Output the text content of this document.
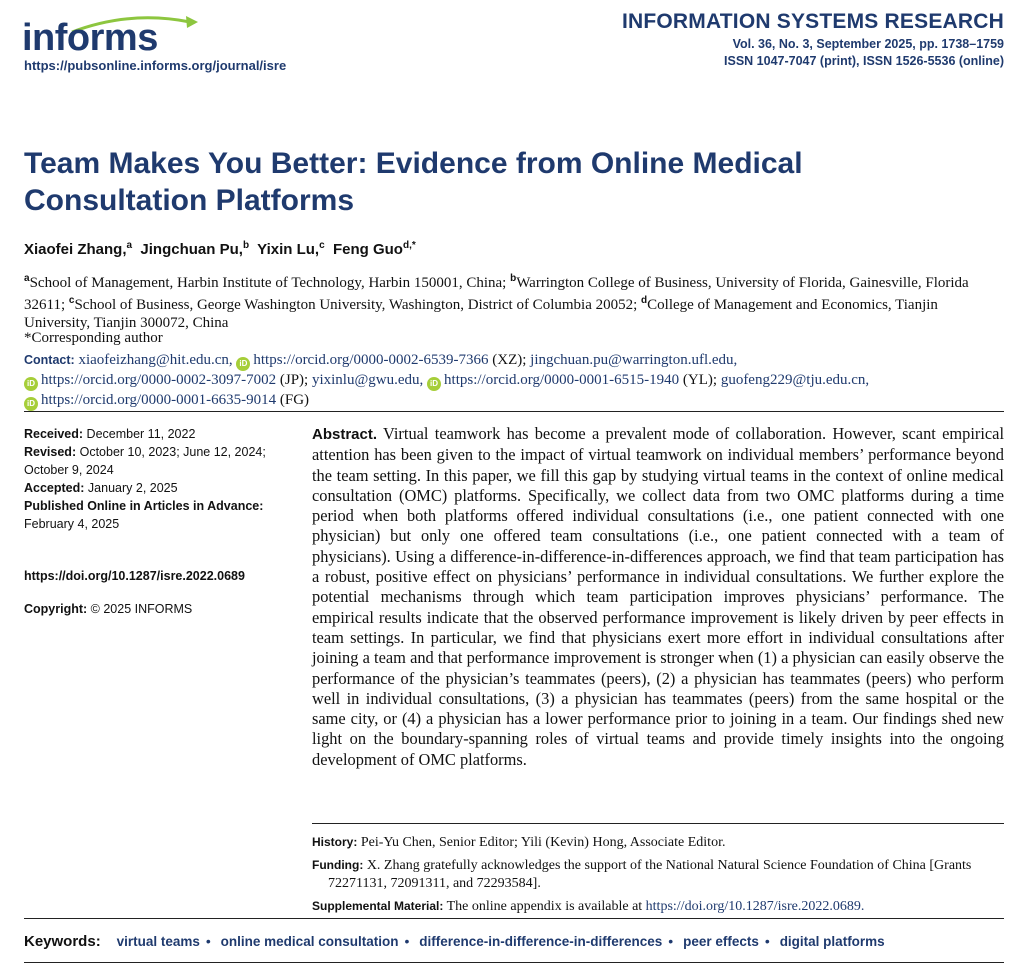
informs
https://pubsonline.informs.org/journal/isre
INFORMATION SYSTEMS RESEARCH
Vol. 36, No. 3, September 2025, pp. 1738–1759
ISSN 1047-7047 (print), ISSN 1526-5536 (online)
Team Makes You Better: Evidence from Online Medical
Consultation Platforms
Xiaofei Zhang,$^a$ Jingchuan Pu,$^b$ Yixin Lu,$^c$ Feng Guo$^{d,*}$
$^a$School of Management, Harbin Institute of Technology, Harbin 150001, China; $^b$Warrington College of Business, University of Florida, Gainesville, Florida 32611; $^c$School of Business, George Washington University, Washington, District of Columbia 20052; $^d$College of Management and Economics, Tianjin University, Tianjin 300072, China
*Corresponding author
Contact: xiaofeizhang@hit.edu.cn, iD https://orcid.org/0000-0002-6539-7366 (XZ); jingchuan.pu@warrington.ufl.edu,
iD https://orcid.org/0000-0002-3097-7002 (JP); yixinlu@gwu.edu, iD https://orcid.org/0000-0001-6515-1940 (YL); guofeng229@tju.edu.cn,
iD https://orcid.org/0000-0001-6635-9014 (FG)
Received: December 11, 2022
Revised: October 10, 2023; June 12, 2024;
October 9, 2024
Accepted: January 2, 2025
Published Online in Articles in Advance:
February 4, 2025
https://doi.org/10.1287/isre.2022.0689
Copyright: © 2025 INFORMS
Abstract. Virtual teamwork has become a prevalent mode of collaboration. However, scant empirical attention has been given to the impact of virtual teamwork on individual members’ performance beyond the team setting. In this paper, we fill this gap by studying virtual teams in the context of online medical consultation (OMC) platforms. Specifically, we collect data from two OMC platforms during a time period when both platforms offered individual consultations (i.e., one patient connected with one physician) but only one offered team consultations (i.e., one patient connected with a team of physicians). Using a difference-in-difference-in-differences approach, we find that team participation has a robust, positive effect on physicians’ performance in individual consultations. We further explore the potential mechanisms through which team participation improves physicians’ performance. The empirical results indicate that the observed performance improvement is likely driven by peer effects in team settings. In particular, we find that physicians exert more effort in individual consultations after joining a team and that performance improvement is stronger when (1) a physician can easily observe the performance of the physician’s teammates (peers), (2) a physician has teammates (peers) who perform well in individual consultations, (3) a physician has teammates (peers) from the same hospital or the same city, or (4) a physician has a lower performance prior to joining in a team. Our findings shed new light on the boundary-spanning roles of virtual teams and provide timely insights into the ongoing development of OMC platforms.
History: Pei-Yu Chen, Senior Editor; Yili (Kevin) Hong, Associate Editor.
Funding: X. Zhang gratefully acknowledges the support of the National Natural Science Foundation of China [Grants 72271131, 72091311, and 72293584].
Supplemental Material: The online appendix is available at https://doi.org/10.1287/isre.2022.0689.
Keywords: virtual teams • online medical consultation • difference-in-difference-in-differences • peer effects • digital platforms
